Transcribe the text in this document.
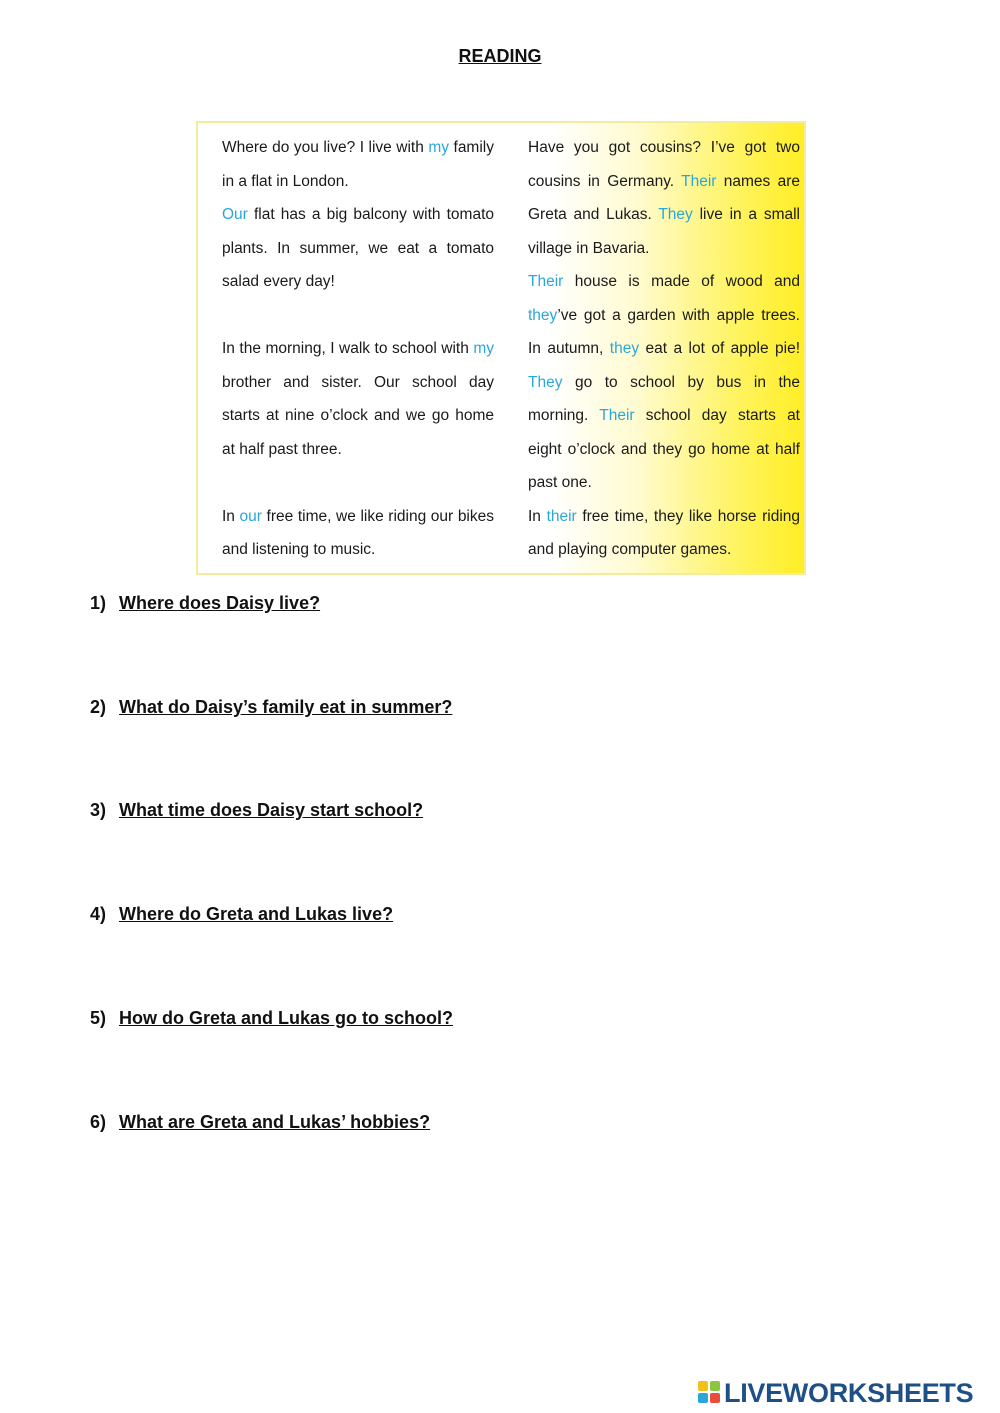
READING

Where do you live? I live with my family in a flat in London.

Our flat has a big balcony with tomato plants. In summer, we eat a tomato salad every day!

In the morning, I walk to school with my brother and sister. Our school day starts at nine o’clock and we go home at half past three.

In our free time, we like riding our bikes and listening to music.

Have you got cousins? I’ve got two cousins in Germany. Their names are Greta and Lukas. They live in a small village in Bavaria.

Their house is made of wood and they’ve got a garden with apple trees. In autumn, they eat a lot of apple pie! They go to school by bus in the morning. Their school day starts at eight o’clock and they go home at half past one.

In their free time, they like horse riding and playing computer games.

1) Where does Daisy live?
2) What do Daisy’s family eat in summer?
3) What time does Daisy start school?
4) Where do Greta and Lukas live?
5) How do Greta and Lukas go to school?
6) What are Greta and Lukas’ hobbies?
LIVEWORKSHEETS
